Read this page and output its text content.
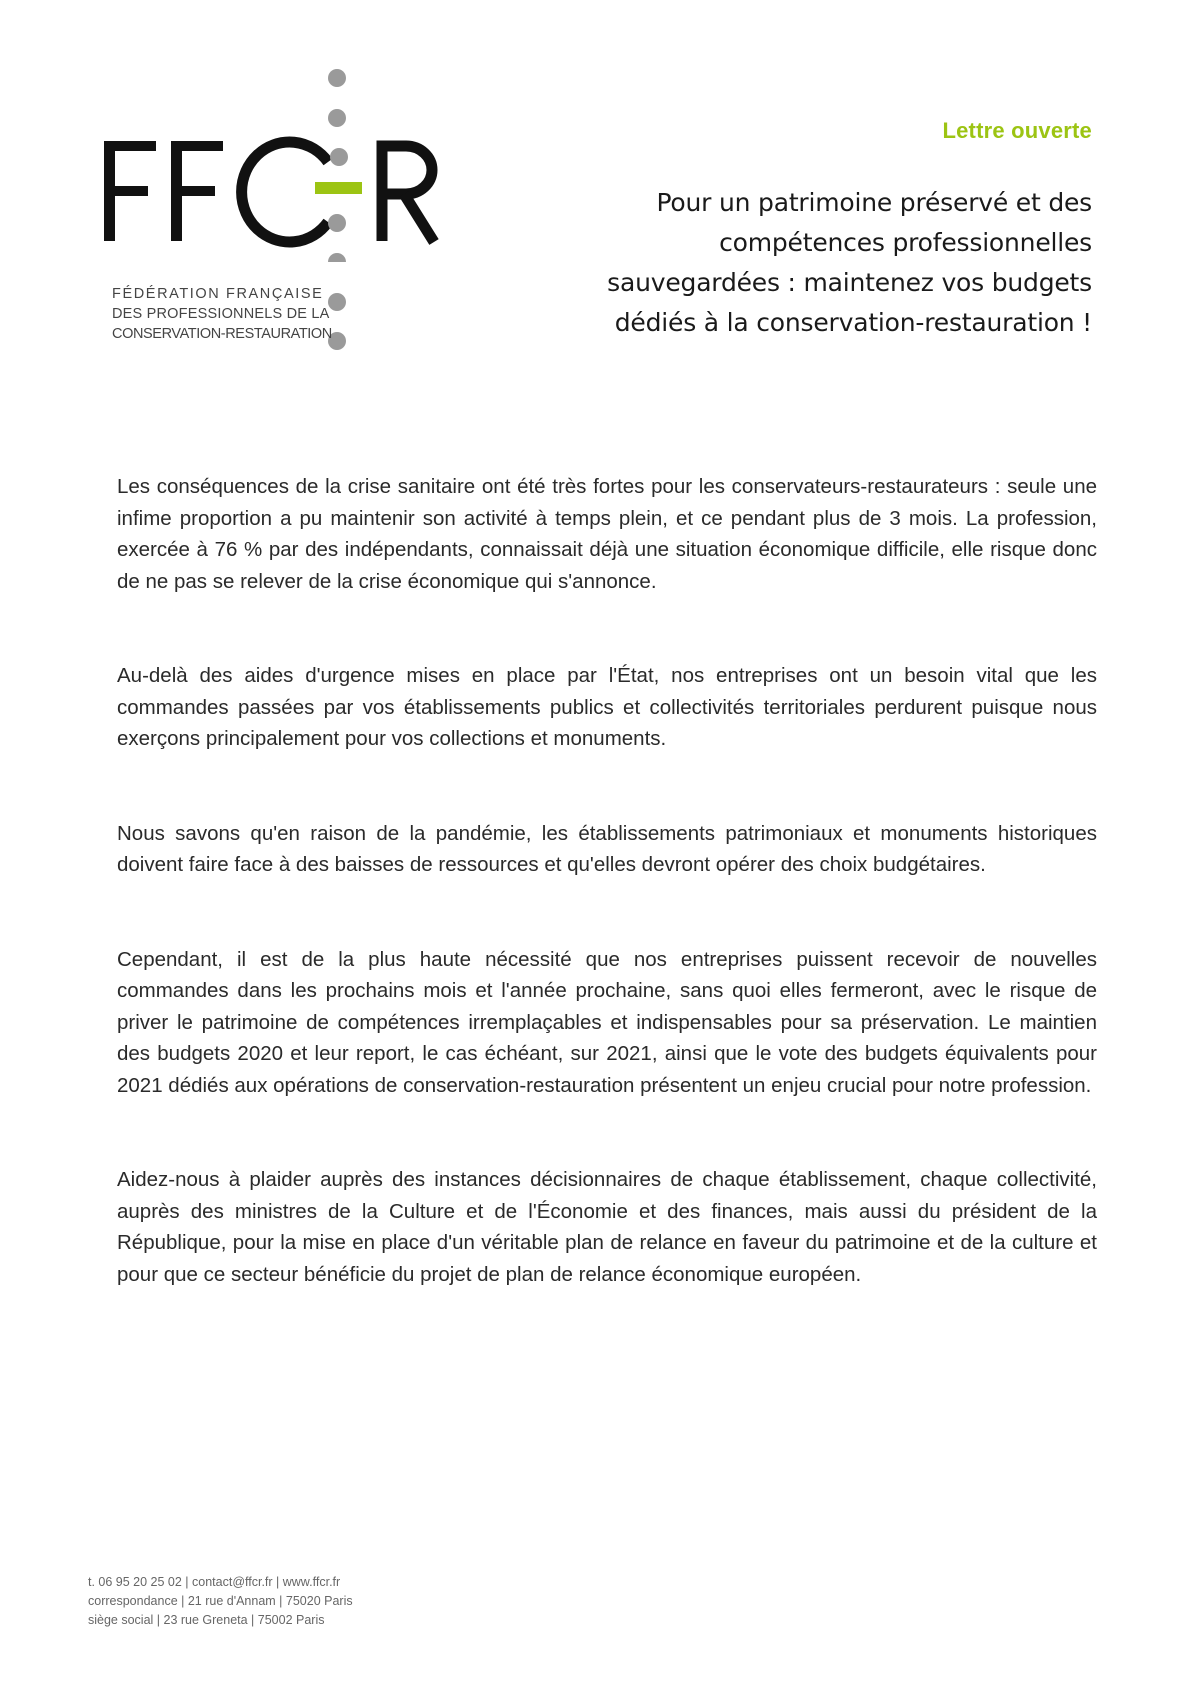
FÉDÉRATION FRANÇAISE
DES PROFESSIONNELS DE LA
CONSERVATION-RESTAURATION
Lettre ouverte
Pour un patrimoine préservé et des
compétences professionnelles
sauvegardées : maintenez vos budgets
dédiés à la conservation-restauration !

Les conséquences de la crise sanitaire ont été très fortes pour les conservateurs-restaurateurs : seule une infime proportion a pu maintenir son activité à temps plein, et ce pendant plus de 3 mois. La profession, exercée à 76 % par des indépendants, connaissait déjà une situation économique difficile, elle risque donc de ne pas se relever de la crise économique qui s'annonce.

Au-delà des aides d'urgence mises en place par l'État, nos entreprises ont un besoin vital que les commandes passées par vos établissements publics et collectivités territoriales perdurent puisque nous exerçons principalement pour vos collections et monuments.

Nous savons qu'en raison de la pandémie, les établissements patrimoniaux et monuments historiques doivent faire face à des baisses de ressources et qu'elles devront opérer des choix budgétaires.

Cependant, il est de la plus haute nécessité que nos entreprises puissent recevoir de nouvelles commandes dans les prochains mois et l'année prochaine, sans quoi elles fermeront, avec le risque de priver le patrimoine de compétences irremplaçables et indispensables pour sa préservation. Le maintien des budgets 2020 et leur report, le cas échéant, sur 2021, ainsi que le vote des budgets équivalents pour 2021 dédiés aux opérations de conservation-restauration présentent un enjeu crucial pour notre profession.

Aidez-nous à plaider auprès des instances décisionnaires de chaque établissement, chaque collectivité, auprès des ministres de la Culture et de l'Économie et des finances, mais aussi du président de la République, pour la mise en place d'un véritable plan de relance en faveur du patrimoine et de la culture et pour que ce secteur bénéficie du projet de plan de relance économique européen.

t. 06 95 20 25 02 | contact@ffcr.fr | www.ffcr.fr
correspondance | 21 rue d'Annam | 75020 Paris
siège social | 23 rue Greneta | 75002 Paris
